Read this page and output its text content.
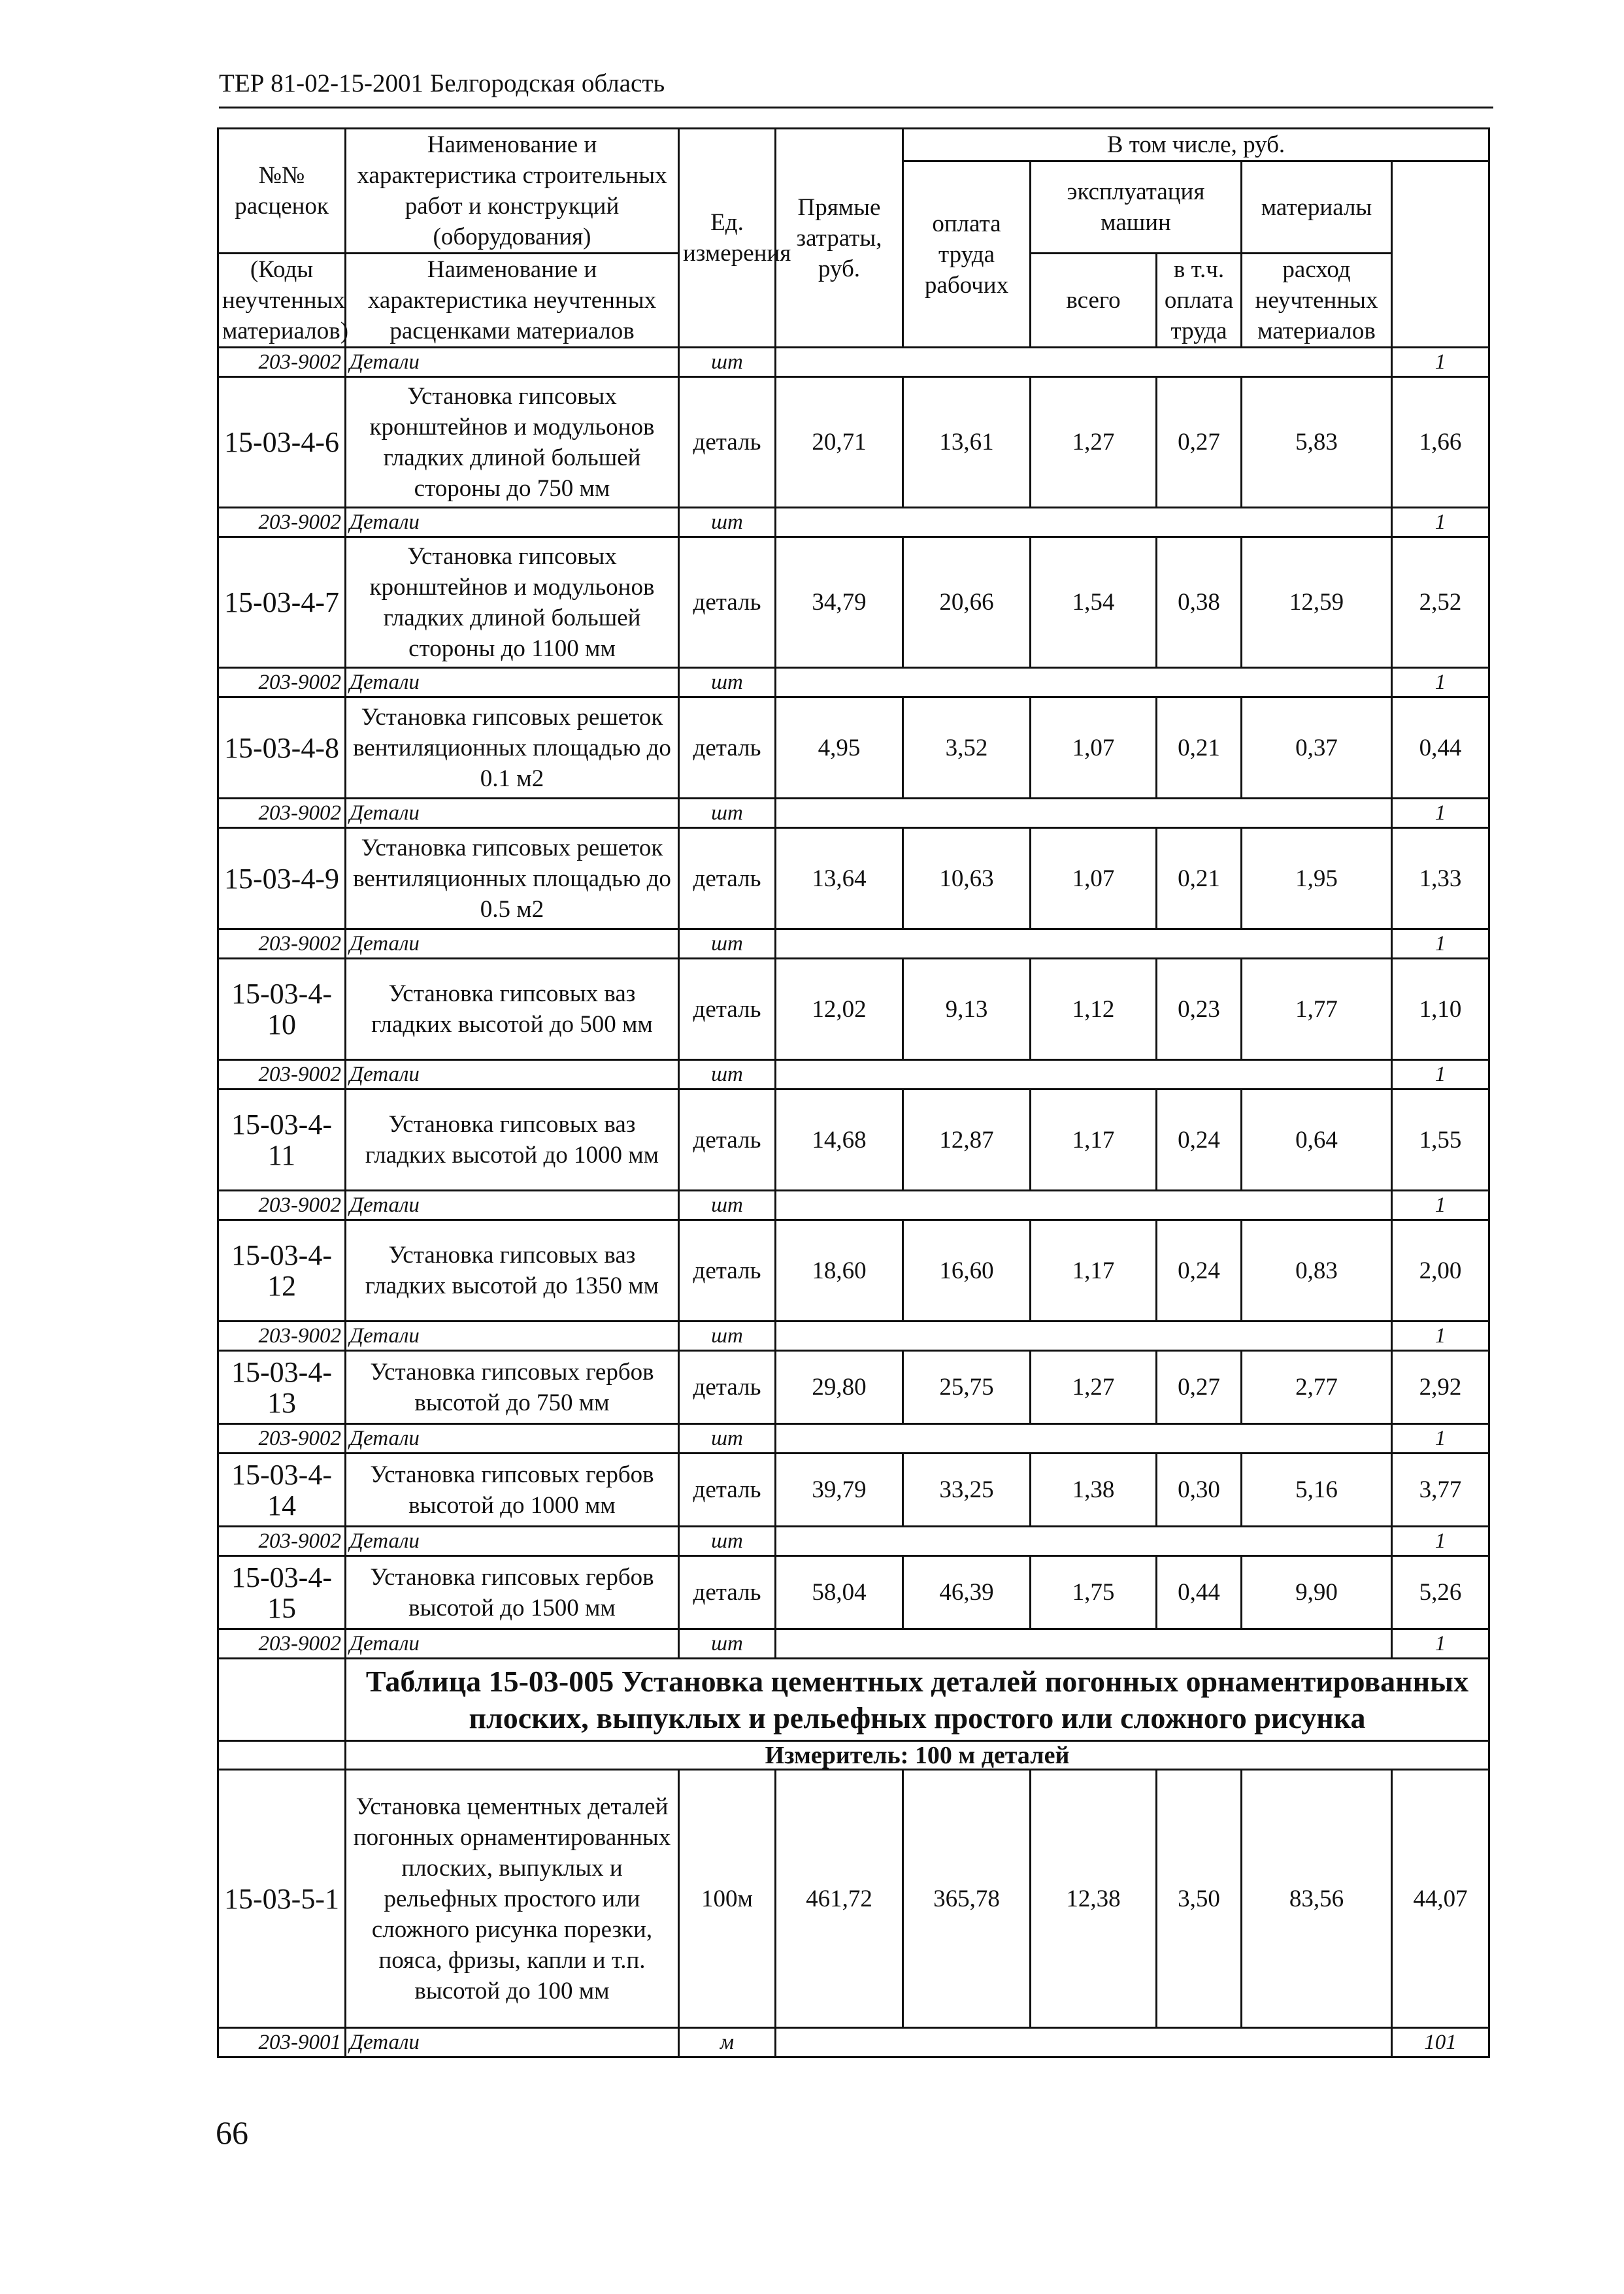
ТЕР 81-02-15-2001 Белгородская область
№№ расценок	Наименование и характеристика строительных работ и конструкций (оборудования)	Ед. измерения	Прямые затраты, руб.	В том числе, руб.	
				оплата труда рабочих	эксплуатация машин		материалы		
(Коды неучтенных материалов)	Наименование и характеристика неучтенных расценками материалов				всего	в т.ч. оплата труда	расход неучтенных материалов		

203-9002	Детали	шт						1	
15-03-4-6	Установка гипсовых кронштейнов и модульонов гладких длиной большей стороны до 750 мм	деталь	20,71	13,61	1,27	0,27	5,83	1,66	
203-9002	Детали	шт						1	
15-03-4-7	Установка гипсовых кронштейнов и модульонов гладких длиной большей стороны до 1100 мм	деталь	34,79	20,66	1,54	0,38	12,59	2,52	
203-9002	Детали	шт						1	
15-03-4-8	Установка гипсовых решеток вентиляционных площадью до 0.1 м2	деталь	4,95	3,52	1,07	0,21	0,37	0,44	
203-9002	Детали	шт						1	
15-03-4-9	Установка гипсовых решеток вентиляционных площадью до 0.5 м2	деталь	13,64	10,63	1,07	0,21	1,95	1,33	
203-9002	Детали	шт						1	
15-03-4-10	Установка гипсовых ваз гладких высотой до 500 мм	деталь	12,02	9,13	1,12	0,23	1,77	1,10	
203-9002	Детали	шт						1	
15-03-4-11	Установка гипсовых ваз гладких высотой до 1000 мм	деталь	14,68	12,87	1,17	0,24	0,64	1,55	
203-9002	Детали	шт						1	
15-03-4-12	Установка гипсовых ваз гладких высотой до 1350 мм	деталь	18,60	16,60	1,17	0,24	0,83	2,00	
203-9002	Детали	шт						1	
15-03-4-13	Установка гипсовых гербов высотой до 750 мм	деталь	29,80	25,75	1,27	0,27	2,77	2,92	
203-9002	Детали	шт						1	
15-03-4-14	Установка гипсовых гербов высотой до 1000 мм	деталь	39,79	33,25	1,38	0,30	5,16	3,77	
203-9002	Детали	шт						1	
15-03-4-15	Установка гипсовых гербов высотой до 1500 мм	деталь	58,04	46,39	1,75	0,44	9,90	5,26	
203-9002	Детали	шт						1	
	Таблица 15-03-005 Установка цементных деталей погонных орнаментированных плоских, выпуклых и рельефных простого или сложного рисунка								
	Измеритель: 100 м деталей								
15-03-5-1	Установка цементных деталей погонных орнаментированных плоских, выпуклых и рельефных простого или сложного рисунка порезки, пояса, фризы, капли и т.п. высотой до 100 мм	100м	461,72	365,78	12,38	3,50	83,56	44,07	
203-9001	Детали	м						101	
66
